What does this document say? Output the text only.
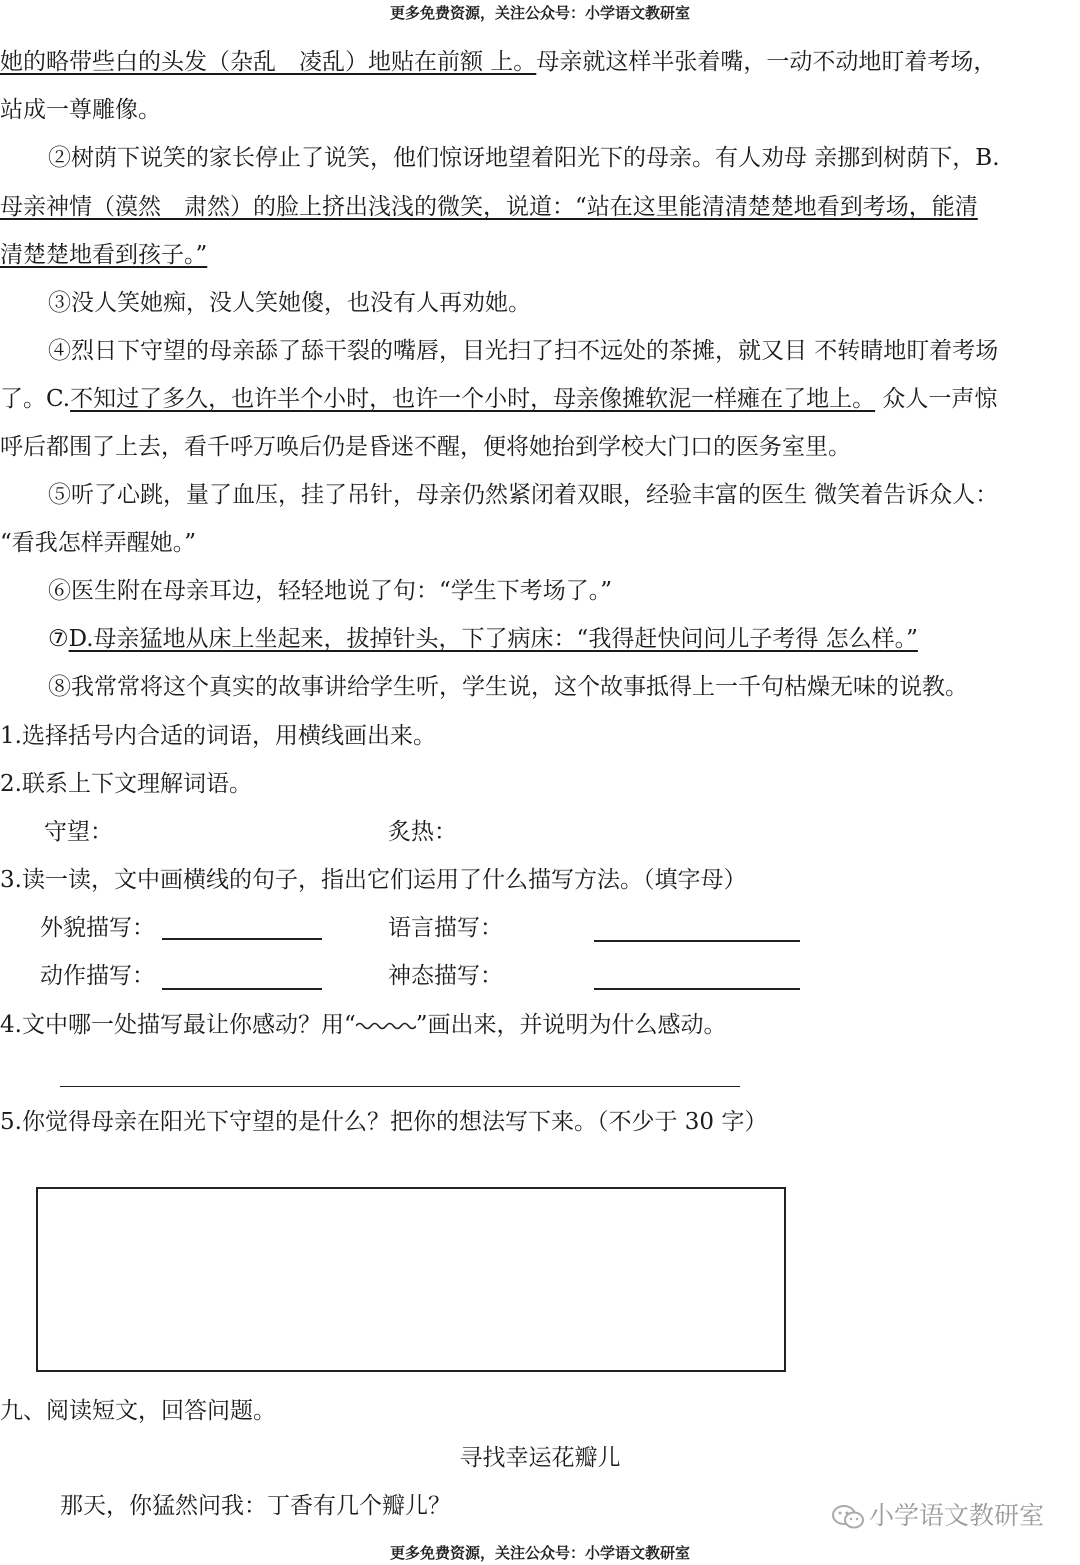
更多免费资源，关注公众号：小学语文教研室
她的略带些白的头发（杂乱　凌乱）地贴在前额 上。母亲就这样半张着嘴，一动不动地盯着考场，
站成一尊雕像。
②树荫下说笑的家长停止了说笑，他们惊讶地望着阳光下的母亲。有人劝母 亲挪到树荫下，B.
母亲神情（漠然　肃然）的脸上挤出浅浅的微笑，说道：“站在这里能清清楚楚地看到考场，能清
清楚楚地看到孩子。”
③没人笑她痴，没人笑她傻，也没有人再劝她。
④烈日下守望的母亲舔了舔干裂的嘴唇，目光扫了扫不远处的茶摊，就又目 不转睛地盯着考场
了。C.不知过了多久，也许半个小时，也许一个小时，母亲像摊软泥一样瘫在了地上。 众人一声惊
呼后都围了上去，看千呼万唤后仍是昏迷不醒，便将她抬到学校大门口的医务室里。
⑤听了心跳，量了血压，挂了吊针，母亲仍然紧闭着双眼，经验丰富的医生 微笑着告诉众人：
“看我怎样弄醒她。”
⑥医生附在母亲耳边，轻轻地说了句：“学生下考场了。”
⑦D.母亲猛地从床上坐起来，拔掉针头，下了病床：“我得赶快问问儿子考得 怎么样。”
⑧我常常将这个真实的故事讲给学生听，学生说，这个故事抵得上一千句枯燥无味的说教。
1.选择括号内合适的词语，用横线画出来。
2.联系上下文理解词语。
守望：	炙热：
3.读一读，文中画横线的句子，指出它们运用了什么描写方法。（填字母）
外貌描写：	语言描写：
动作描写：	神态描写：
4.文中哪一处描写最让你感动？用“	”画出来，并说明为什么感动。
5.你觉得母亲在阳光下守望的是什么？把你的想法写下来。（不少于 30 字）
九、阅读短文，回答问题。
寻找幸运花瓣儿
那天，你猛然问我：丁香有几个瓣儿？	小学语文教研室
更多免费资源，关注公众号：小学语文教研室
